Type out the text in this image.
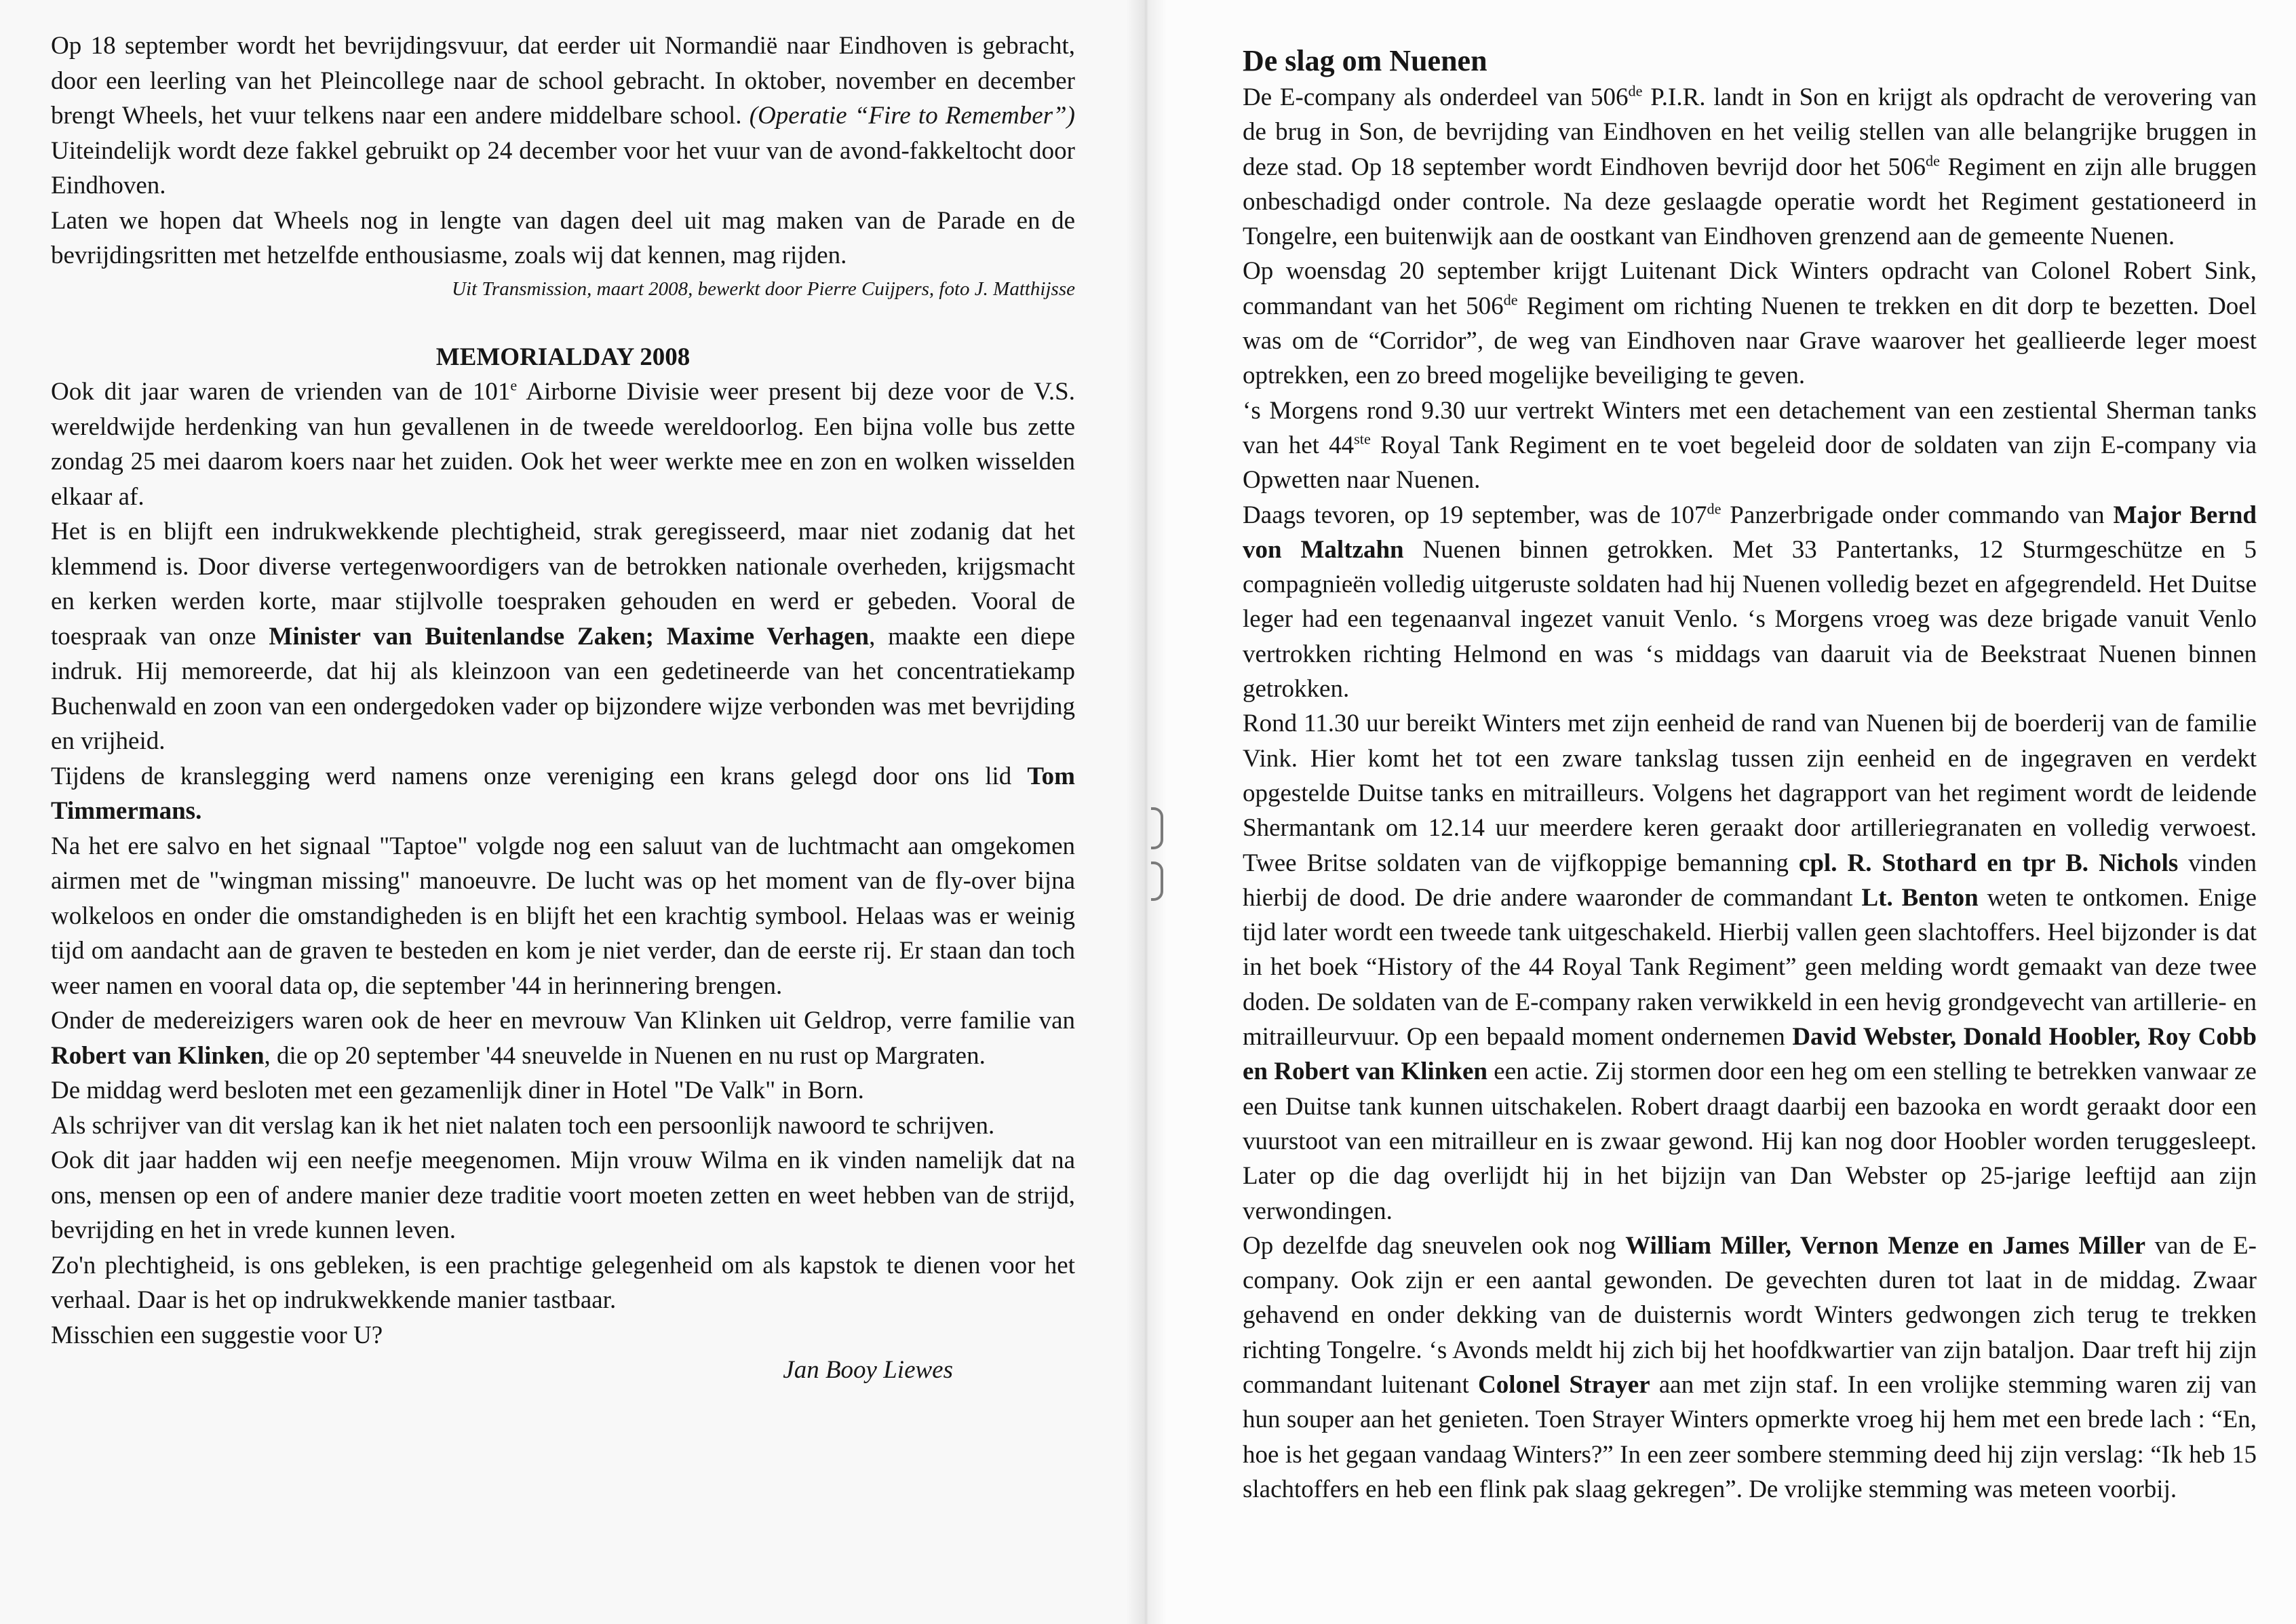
Op 18 september wordt het bevrijdingsvuur, dat eerder uit Normandië naar Eindhoven is gebracht, door een leerling van het Pleincollege naar de school gebracht. In oktober, november en december brengt Wheels, het vuur telkens naar een andere middelbare school. (Operatie “Fire to Remember”) Uiteindelijk wordt deze fakkel gebruikt op 24 december voor het vuur van de avond-fakkeltocht door Eindhoven.

Laten we hopen dat Wheels nog in lengte van dagen deel uit mag maken van de Parade en de bevrijdingsritten met hetzelfde enthousiasme, zoals wij dat kennen, mag rijden.

Uit Transmission, maart 2008, bewerkt door Pierre Cuijpers, foto J. Matthijsse

MEMORIALDAY 2008

Ook dit jaar waren de vrienden van de 101e Airborne Divisie weer present bij deze voor de V.S. wereldwijde herdenking van hun gevallenen in de tweede wereldoorlog. Een bijna volle bus zette zondag 25 mei daarom koers naar het zuiden. Ook het weer werkte mee en zon en wolken wisselden elkaar af.

Het is en blijft een indrukwekkende plechtigheid, strak geregisseerd, maar niet zodanig dat het klemmend is. Door diverse vertegenwoordigers van de betrokken nationale overheden, krijgsmacht en kerken werden korte, maar stijlvolle toespraken gehouden en werd er gebeden. Vooral de toespraak van onze Minister van Buitenlandse Zaken; Maxime Verhagen, maakte een diepe indruk. Hij memoreerde, dat hij als kleinzoon van een gedetineerde van het concentratiekamp Buchenwald en zoon van een ondergedoken vader op bijzondere wijze verbonden was met bevrijding en vrijheid.

Tijdens de kranslegging werd namens onze vereniging een krans gelegd door ons lid Tom Timmermans.

Na het ere salvo en het signaal "Taptoe" volgde nog een saluut van de luchtmacht aan omgekomen airmen met de "wingman missing" manoeuvre. De lucht was op het moment van de fly-over bijna wolkeloos en onder die omstandigheden is en blijft het een krachtig symbool. Helaas was er weinig tijd om aandacht aan de graven te besteden en kom je niet verder, dan de eerste rij. Er staan dan toch weer namen en vooral data op, die september '44 in herinnering brengen.

Onder de medereizigers waren ook de heer en mevrouw Van Klinken uit Geldrop, verre familie van Robert van Klinken, die op 20 september '44 sneuvelde in Nuenen en nu rust op Margraten.

De middag werd besloten met een gezamenlijk diner in Hotel "De Valk" in Born.

Als schrijver van dit verslag kan ik het niet nalaten toch een persoonlijk nawoord te schrijven.

Ook dit jaar hadden wij een neefje meegenomen. Mijn vrouw Wilma en ik vinden namelijk dat na ons, mensen op een of andere manier deze traditie voort moeten zetten en weet hebben van de strijd, bevrijding en het in vrede kunnen leven.

Zo'n plechtigheid, is ons gebleken, is een prachtige gelegenheid om als kapstok te dienen voor het verhaal. Daar is het op indrukwekkende manier tastbaar.

Misschien een suggestie voor U?

Jan Booy Liewes

De slag om Nuenen

De E-company als onderdeel van 506de P.I.R. landt in Son en krijgt als opdracht de verovering van de brug in Son, de bevrijding van Eindhoven en het veilig stellen van alle belangrijke bruggen in deze stad. Op 18 september wordt Eindhoven bevrijd door het 506de Regiment en zijn alle bruggen onbeschadigd onder controle. Na deze geslaagde operatie wordt het Regiment gestationeerd in Tongelre, een buitenwijk aan de oostkant van Eindhoven grenzend aan de gemeente Nuenen.

Op woensdag 20 september krijgt Luitenant Dick Winters opdracht van Colonel Robert Sink, commandant van het 506de Regiment om richting Nuenen te trekken en dit dorp te bezetten. Doel was om de “Corridor”, de weg van Eindhoven naar Grave waarover het geallieerde leger moest optrekken, een zo breed mogelijke beveiliging te geven.

‘s Morgens rond 9.30 uur vertrekt Winters met een detachement van een zestiental Sherman tanks van het 44ste Royal Tank Regiment en te voet begeleid door de soldaten van zijn E-company via Opwetten naar Nuenen.

Daags tevoren, op 19 september, was de 107de Panzerbrigade onder commando van Major Bernd von Maltzahn Nuenen binnen getrokken. Met 33 Pantertanks, 12 Sturmgeschütze en 5 compagnieën volledig uitgeruste soldaten had hij Nuenen volledig bezet en afgegrendeld. Het Duitse leger had een tegenaanval ingezet vanuit Venlo. ‘s Morgens vroeg was deze brigade vanuit Venlo vertrokken richting Helmond en was ‘s middags van daaruit via de Beekstraat Nuenen binnen getrokken.

Rond 11.30 uur bereikt Winters met zijn eenheid de rand van Nuenen bij de boerderij van de familie Vink. Hier komt het tot een zware tankslag tussen zijn eenheid en de ingegraven en verdekt opgestelde Duitse tanks en mitrailleurs. Volgens het dagrapport van het regiment wordt de leidende Shermantank om 12.14 uur meerdere keren geraakt door artilleriegranaten en volledig verwoest. Twee Britse soldaten van de vijfkoppige bemanning cpl. R. Stothard en tpr B. Nichols vinden hierbij de dood. De drie andere waaronder de commandant Lt. Benton weten te ontkomen. Enige tijd later wordt een tweede tank uitgeschakeld. Hierbij vallen geen slachtoffers. Heel bijzonder is dat in het boek “History of the 44 Royal Tank Regiment” geen melding wordt gemaakt van deze twee doden. De soldaten van de E-company raken verwikkeld in een hevig grondgevecht van artillerie- en mitrailleurvuur. Op een bepaald moment ondernemen David Webster, Donald Hoobler, Roy Cobb en Robert van Klinken een actie. Zij stormen door een heg om een stelling te betrekken vanwaar ze een Duitse tank kunnen uitschakelen. Robert draagt daarbij een bazooka en wordt geraakt door een vuurstoot van een mitrailleur en is zwaar gewond. Hij kan nog door Hoobler worden teruggesleept. Later op die dag overlijdt hij in het bijzijn van Dan Webster op 25-jarige leeftijd aan zijn verwondingen.

Op dezelfde dag sneuvelen ook nog William Miller, Vernon Menze en James Miller van de E-company. Ook zijn er een aantal gewonden. De gevechten duren tot laat in de middag. Zwaar gehavend en onder dekking van de duisternis wordt Winters gedwongen zich terug te trekken richting Tongelre. ‘s Avonds meldt hij zich bij het hoofdkwartier van zijn bataljon. Daar treft hij zijn commandant luitenant Colonel Strayer aan met zijn staf. In een vrolijke stemming waren zij van hun souper aan het genieten. Toen Strayer Winters opmerkte vroeg hij hem met een brede lach : “En, hoe is het gegaan vandaag Winters?” In een zeer sombere stemming deed hij zijn verslag: “Ik heb 15 slachtoffers en heb een flink pak slaag gekregen”. De vrolijke stemming was meteen voorbij.
